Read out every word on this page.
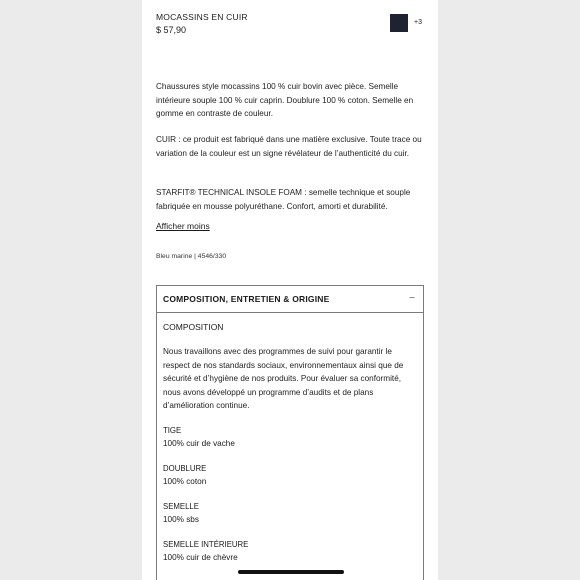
MOCASSINS EN CUIR
$ 57,90
+3

Chaussures style mocassins 100 % cuir bovin avec pièce. Semelle intérieure souple 100 % cuir caprin. Doublure 100 % coton. Semelle en gomme en contraste de couleur.

CUIR : ce produit est fabriqué dans une matière exclusive. Toute trace ou variation de la couleur est un signe révélateur de l’authenticité du cuir.

STARFIT® TECHNICAL INSOLE FOAM : semelle technique et souple fabriquée en mousse polyuréthane. Confort, amorti et durabilité.

Afficher moins
Bleu marine | 4546/330
COMPOSITION, ENTRETIEN & ORIGINE	−
COMPOSITION

Nous travaillons avec des programmes de suivi pour garantir le respect de nos standards sociaux, environnementaux ainsi que de sécurité et d’hygiène de nos produits. Pour évaluer sa conformité, nous avons développé un programme d’audits et de plans d’amélioration continue.

TIGE
100% cuir de vache
DOUBLURE
100% coton
SEMELLE
100% sbs
SEMELLE INTÉRIEURE
100% cuir de chèvre
